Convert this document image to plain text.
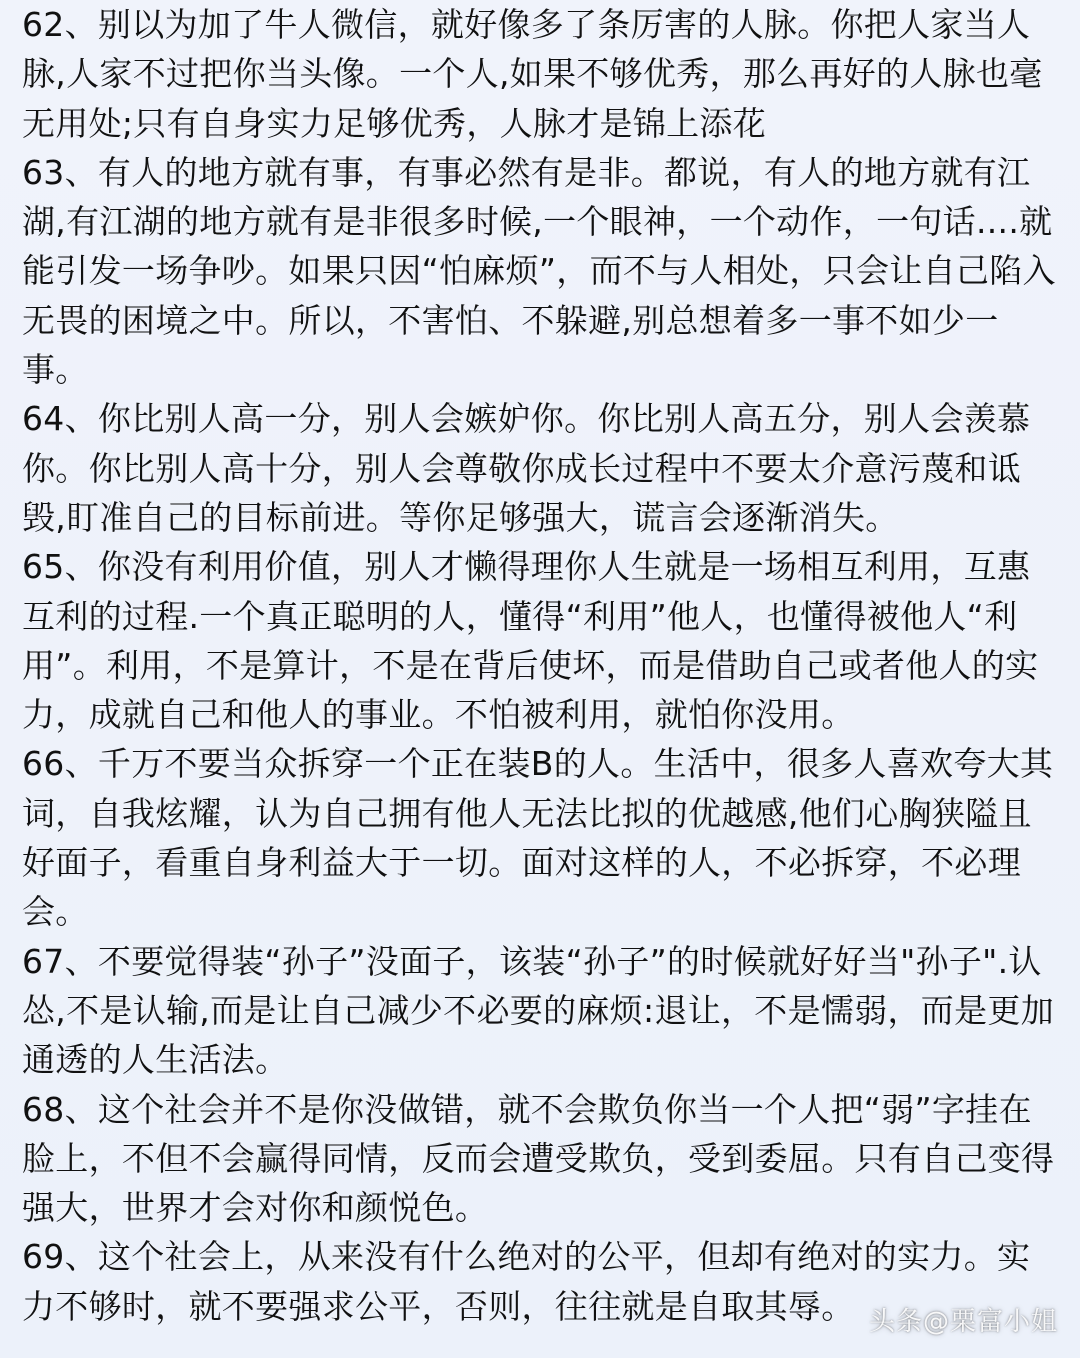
62、别以为加了牛人微信，就好像多了条厉害的人脉。你把人家当人脉,人家不过把你当头像。一个人,如果不够优秀，那么再好的人脉也毫无用处;只有自身实力足够优秀，人脉才是锦上添花

63、有人的地方就有事，有事必然有是非。都说，有人的地方就有江湖,有江湖的地方就有是非很多时候,一个眼神，一个动作，一句话....就能引发一场争吵。如果只因“怕麻烦”，而不与人相处，只会让自己陷入无畏的困境之中。所以，不害怕、不躲避,别总想着多一事不如少一事。

64、你比别人高一分，别人会嫉妒你。你比别人高五分，别人会羡慕你。你比别人高十分，别人会尊敬你成长过程中不要太介意污蔑和诋毁,盯准自己的目标前进。等你足够强大，谎言会逐渐消失。

65、你没有利用价值，别人才懒得理你人生就是一场相互利用，互惠互利的过程.一个真正聪明的人，懂得“利用”他人，也懂得被他人“利用”。利用，不是算计，不是在背后使坏，而是借助自己或者他人的实力，成就自己和他人的事业。不怕被利用，就怕你没用。

66、千万不要当众拆穿一个正在装B的人。生活中，很多人喜欢夸大其词，自我炫耀，认为自己拥有他人无法比拟的优越感,他们心胸狭隘且好面子，看重自身利益大于一切。面对这样的人，不必拆穿，不必理会。

67、不要觉得装“孙子”没面子，该装“孙子”的时候就好好当"孙子".认怂,不是认输,而是让自己减少不必要的麻烦:退让，不是懦弱，而是更加通透的人生活法。

68、这个社会并不是你没做错，就不会欺负你当一个人把“弱”字挂在脸上，不但不会赢得同情，反而会遭受欺负，受到委屈。只有自己变得强大，世界才会对你和颜悦色。

69、这个社会上，从来没有什么绝对的公平，但却有绝对的实力。实力不够时，就不要强求公平，否则，往往就是自取其辱。 头条@栗富小姐
